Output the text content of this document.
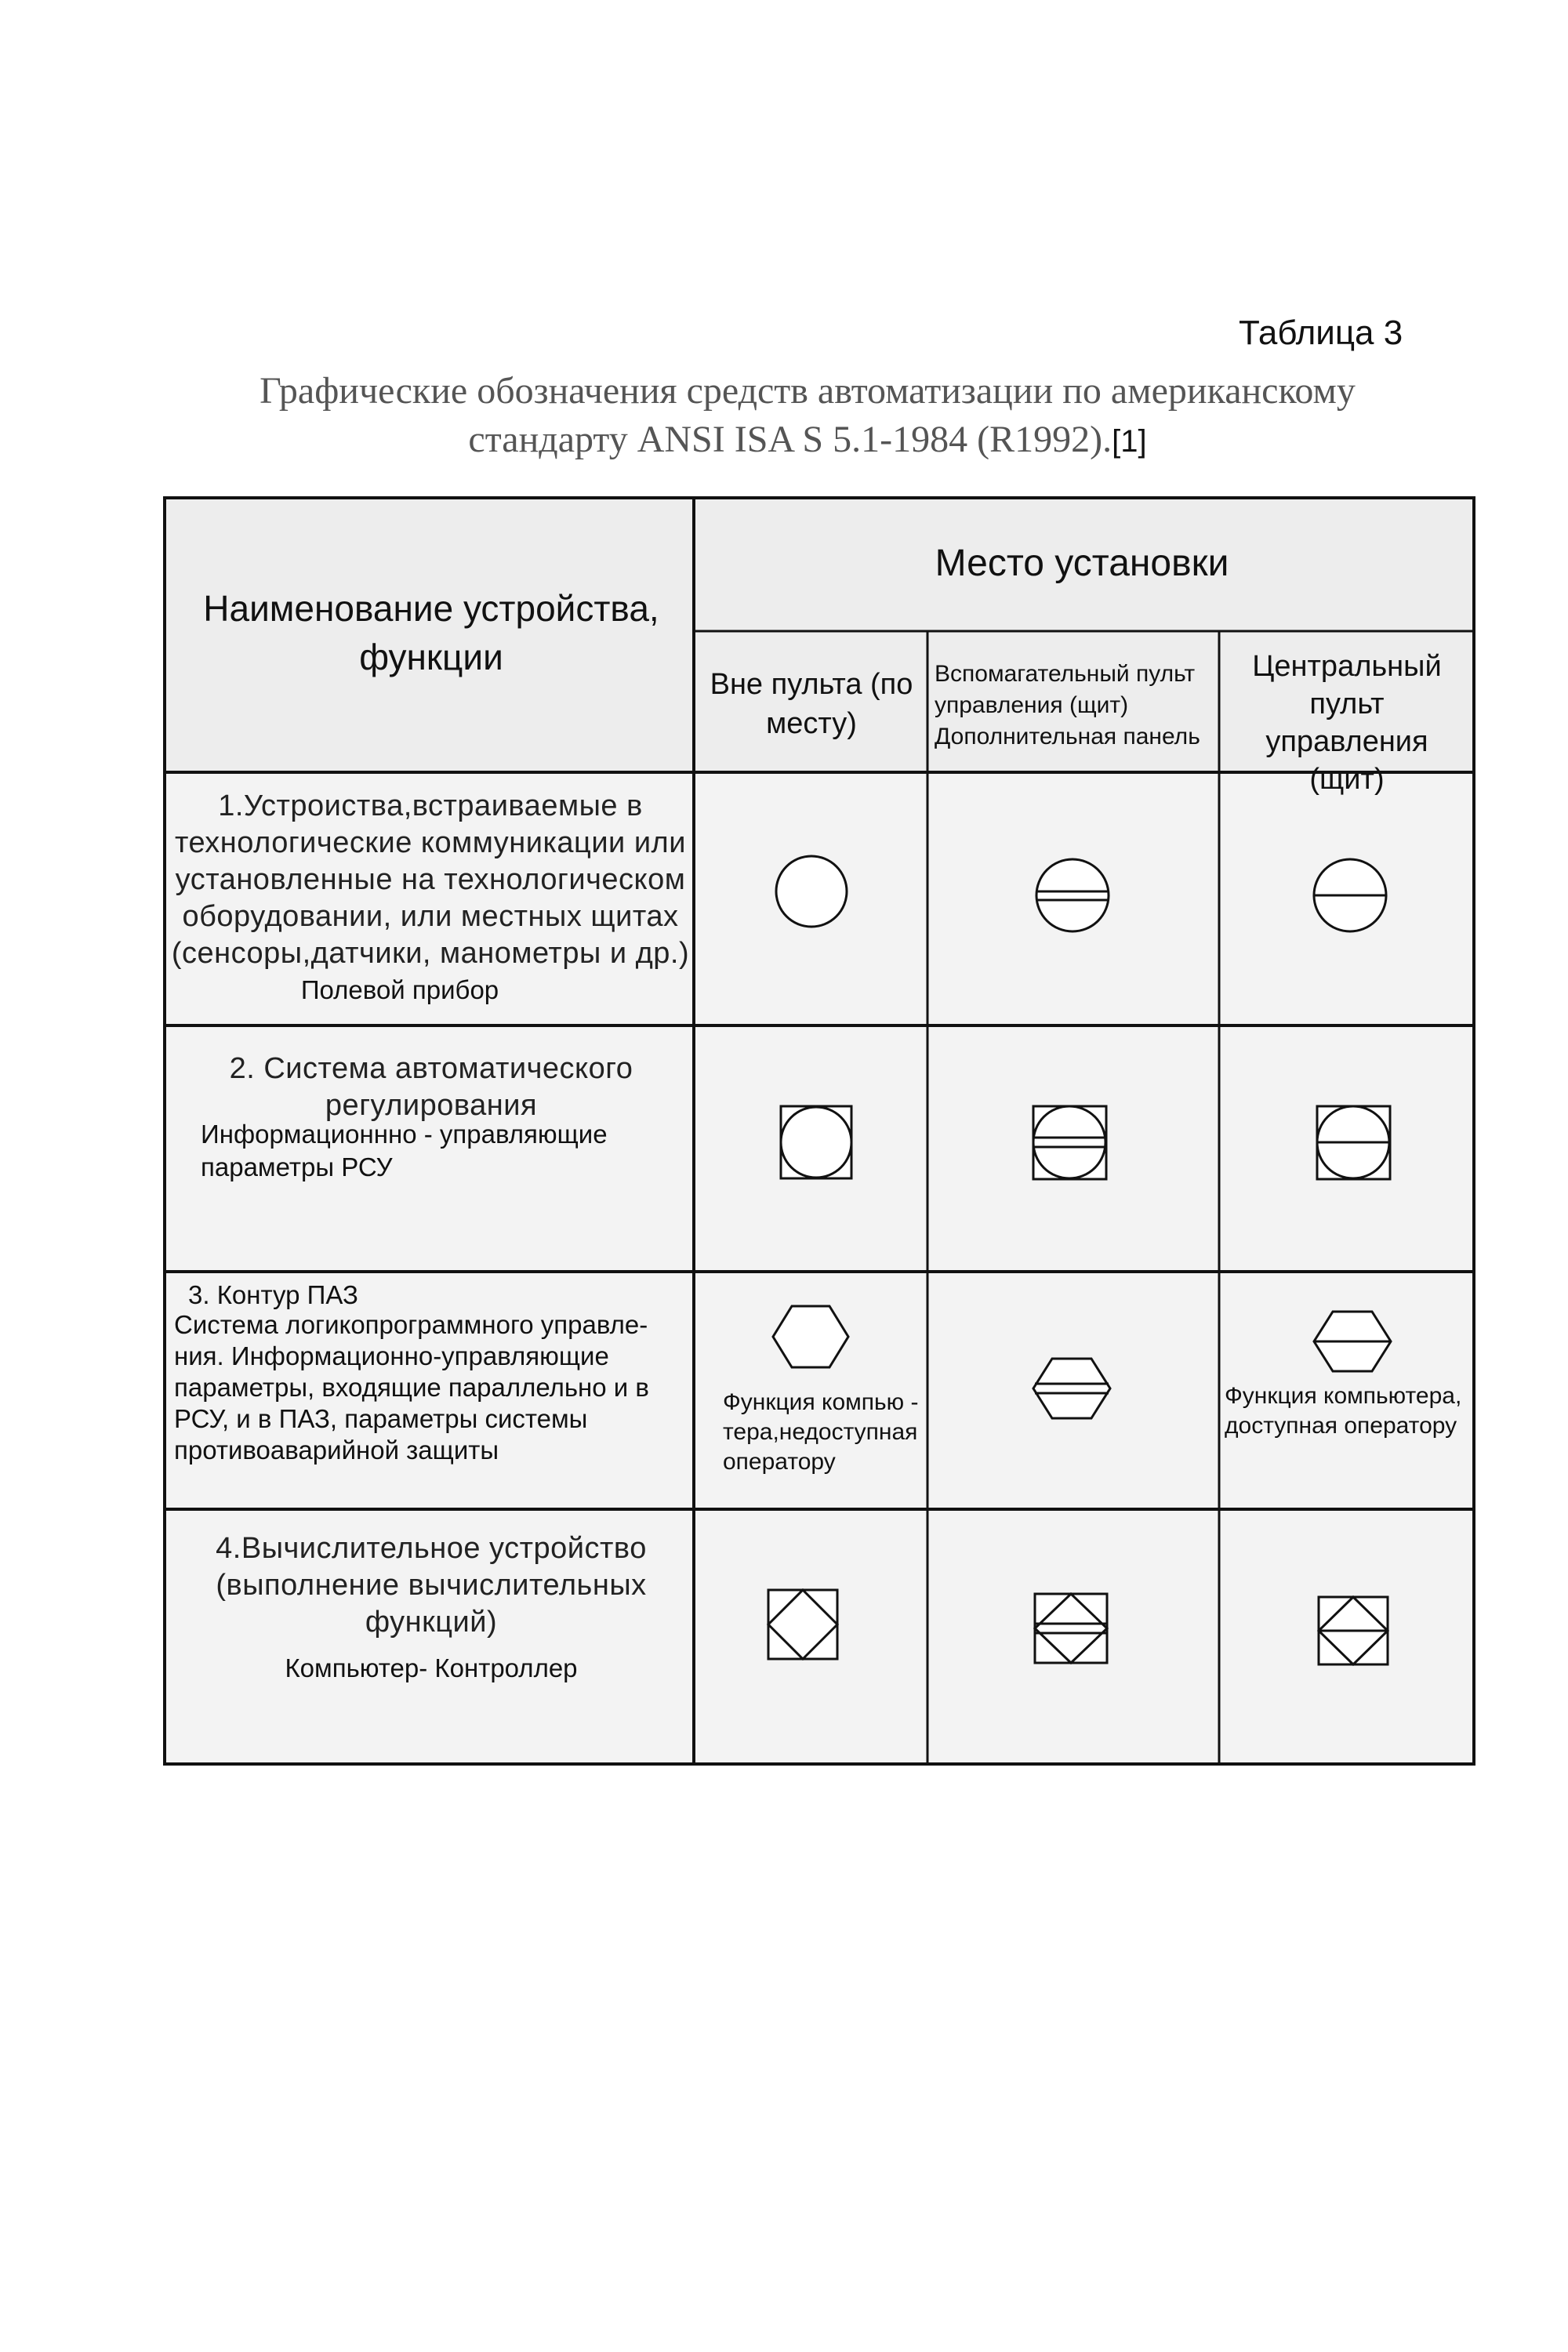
Таблица 3
Графические обозначения средств автоматизации по американскому стандарту ANSI ISA S 5.1-1984 (R1992).[1]
Наименование устройства, функции
Место установки
Вне пульта (по месту)
Вспомагательный пульт управления (щит) Дополнительная панель
Центральный пульт управления (щит)
1.Устроиства,встраиваемые в технологические коммуникации или установленные на технологическом оборудовании, или местных щитах (сенсоры,датчики, манометры и др.)
Полевой прибор
2. Система автоматического регулирования
Информационнно - управляющие параметры РСУ
3. Контур ПАЗ
Система логикопрограммного управле- ния. Информационно-управляющие параметры, входящие параллельно и в РСУ, и в ПАЗ, параметры системы противоаварийной защиты
Функция компью - тера,недоступная оператору
Функция компьютера, доступная оператору
4.Вычислительное устройство (выполнение вычислительных функций)
Компьютер- Контроллер
